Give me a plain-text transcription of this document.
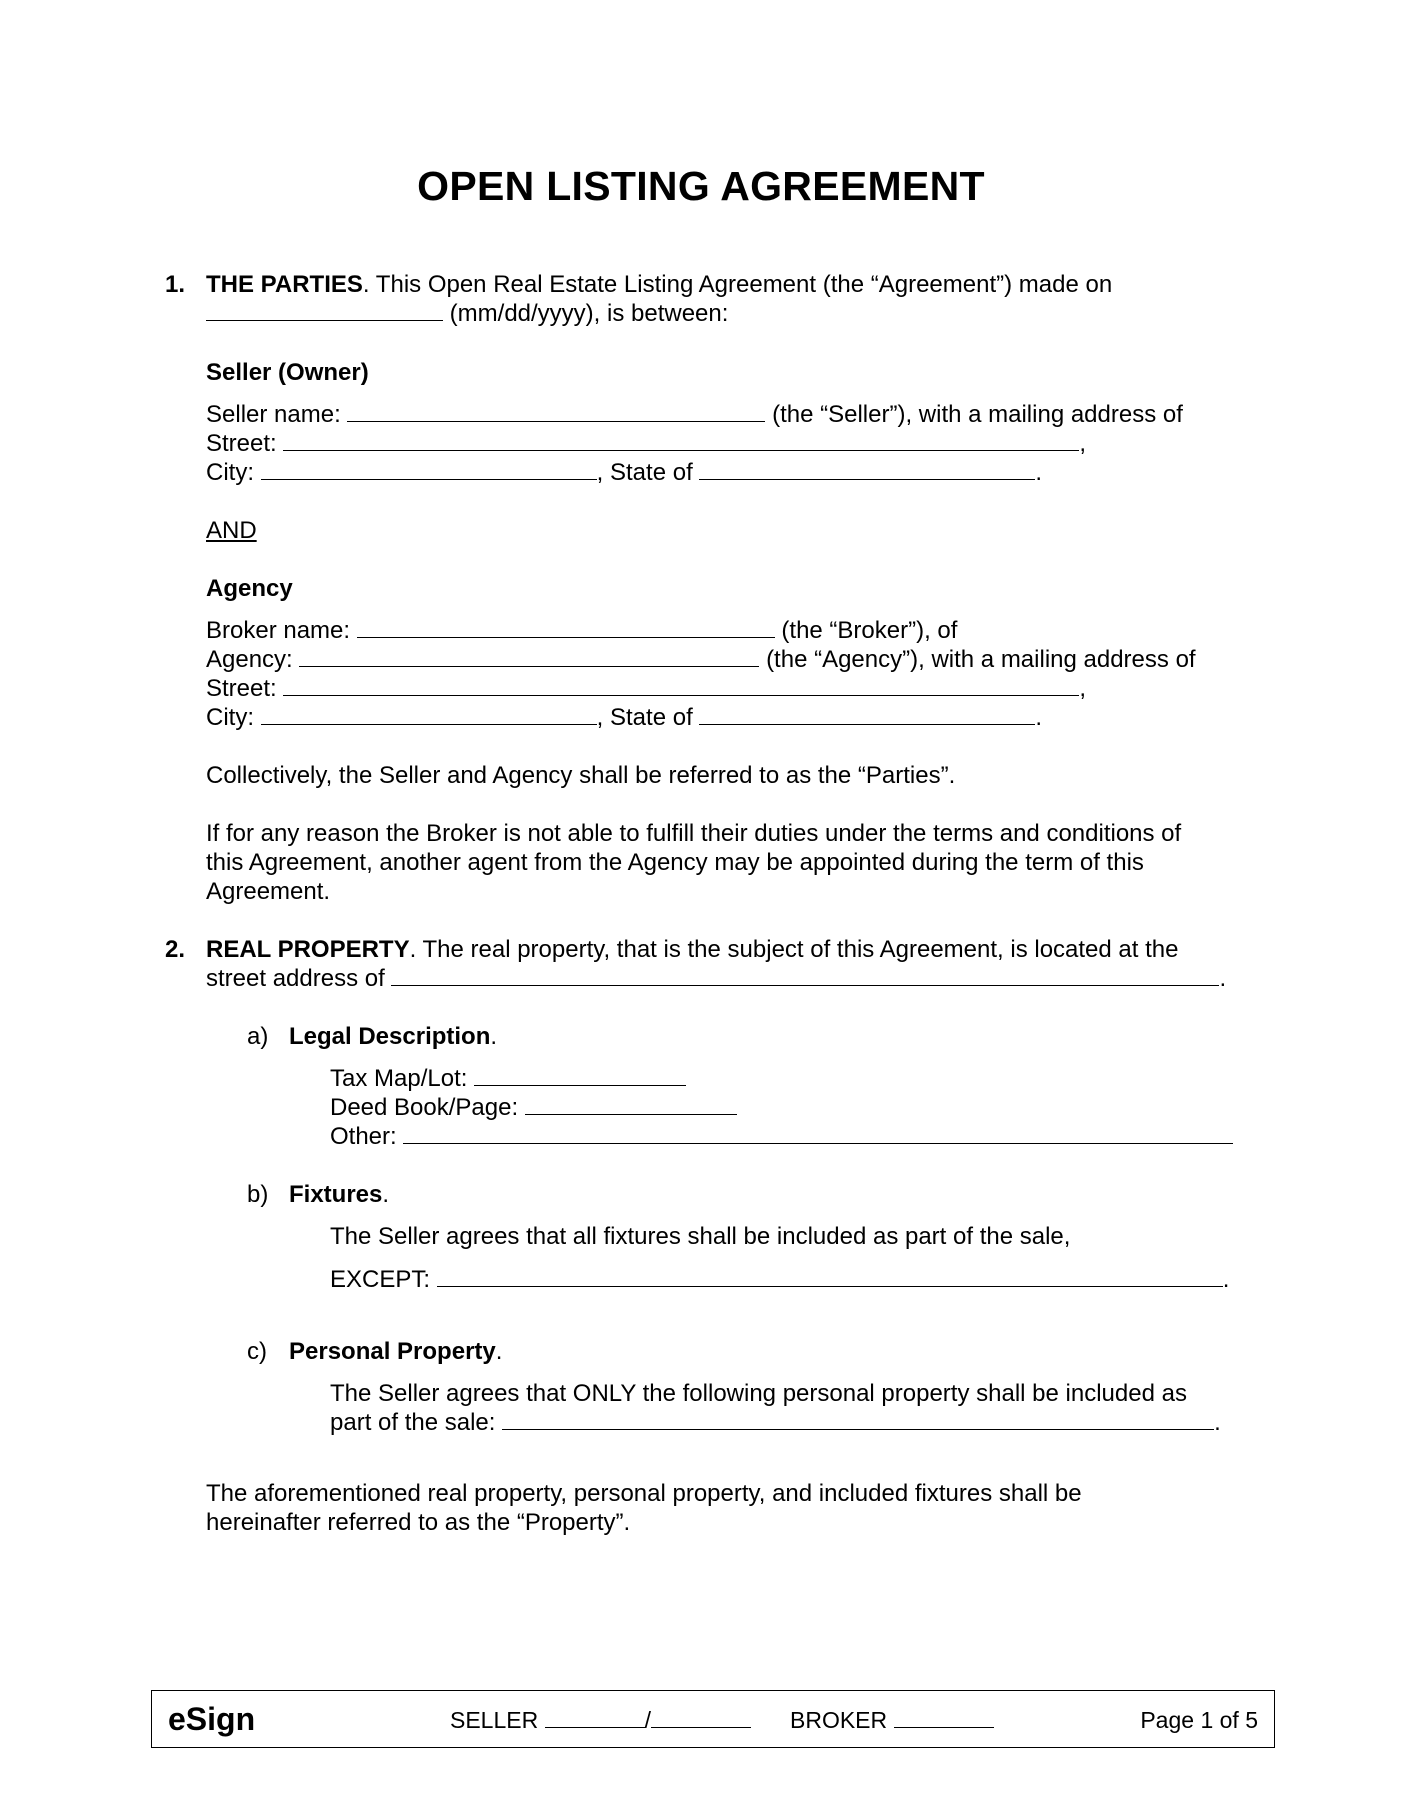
OPEN LISTING AGREEMENT
1. THE PARTIES. This Open Real Estate Listing Agreement (the “Agreement”) made on
(mm/dd/yyyy), is between:
Seller (Owner)
Seller name:	(the “Seller”), with a mailing address of
Street:	,
City:	, State of	.
AND
Agency
Broker name:	(the “Broker”), of
Agency:	(the “Agency”), with a mailing address of
Street:	,
City:	, State of	.
Collectively, the Seller and Agency shall be referred to as the “Parties”.
If for any reason the Broker is not able to fulfill their duties under the terms and conditions of
this Agreement, another agent from the Agency may be appointed during the term of this
Agreement.
2. REAL PROPERTY. The real property, that is the subject of this Agreement, is located at the
street address of	.
a) Legal Description.
Tax Map/Lot:
Deed Book/Page:
Other:
b) Fixtures.
The Seller agrees that all fixtures shall be included as part of the sale,
EXCEPT:	.
c) Personal Property.
The Seller agrees that ONLY the following personal property shall be included as
part of the sale:	.
The aforementioned real property, personal property, and included fixtures shall be
hereinafter referred to as the “Property”.
eSign	SELLER	/	BROKER	Page 1 of 5
